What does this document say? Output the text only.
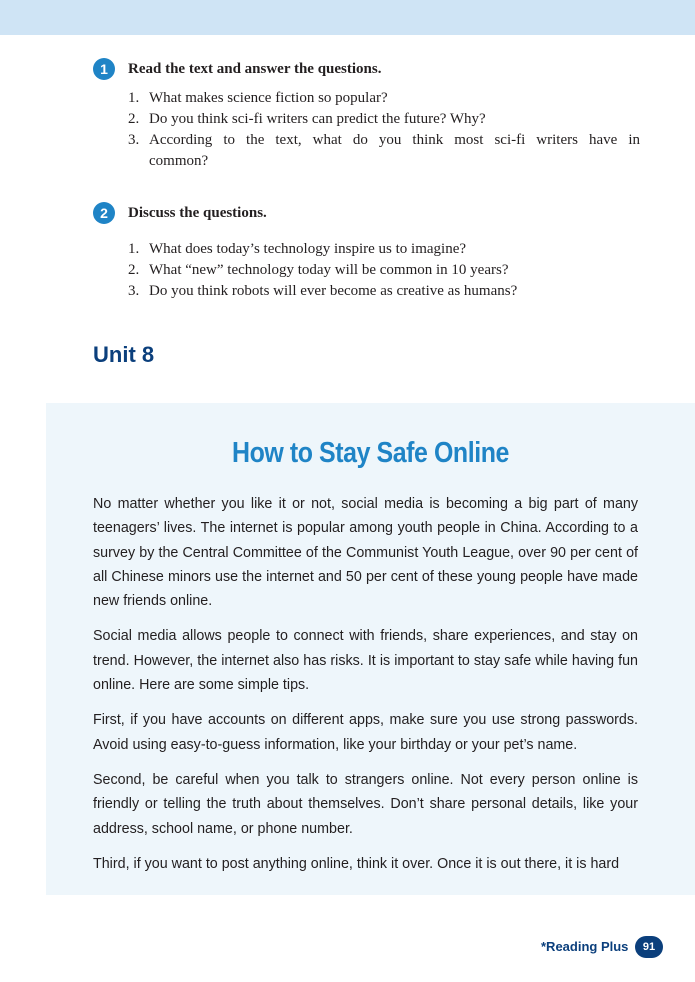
1	Read the text and answer the questions.
1. What makes science fiction so popular?
2. Do you think sci-fi writers can predict the future? Why?
3. According to the text, what do you think most sci-fi writers have in common?
2	Discuss the questions.
1. What does today’s technology inspire us to imagine?
2. What “new” technology today will be common in 10 years?
3. Do you think robots will ever become as creative as humans?
Unit 8
How to Stay Safe Online

No matter whether you like it or not, social media is becoming a big part of many teenagers’ lives. The internet is popular among youth people in China. According to a survey by the Central Committee of the Communist Youth League, over 90 per cent of all Chinese minors use the internet and 50 per cent of these young people have made new friends online.

Social media allows people to connect with friends, share experiences, and stay on trend. However, the internet also has risks. It is important to stay safe while having fun online. Here are some simple tips.

First, if you have accounts on different apps, make sure you use strong passwords. Avoid using easy-to-guess information, like your birthday or your pet’s name.

Second, be careful when you talk to strangers online. Not every person online is friendly or telling the truth about themselves. Don’t share personal details, like your address, school name, or phone number.

Third, if you want to post anything online, think it over. Once it is out there, it is hard

*Reading Plus	91
